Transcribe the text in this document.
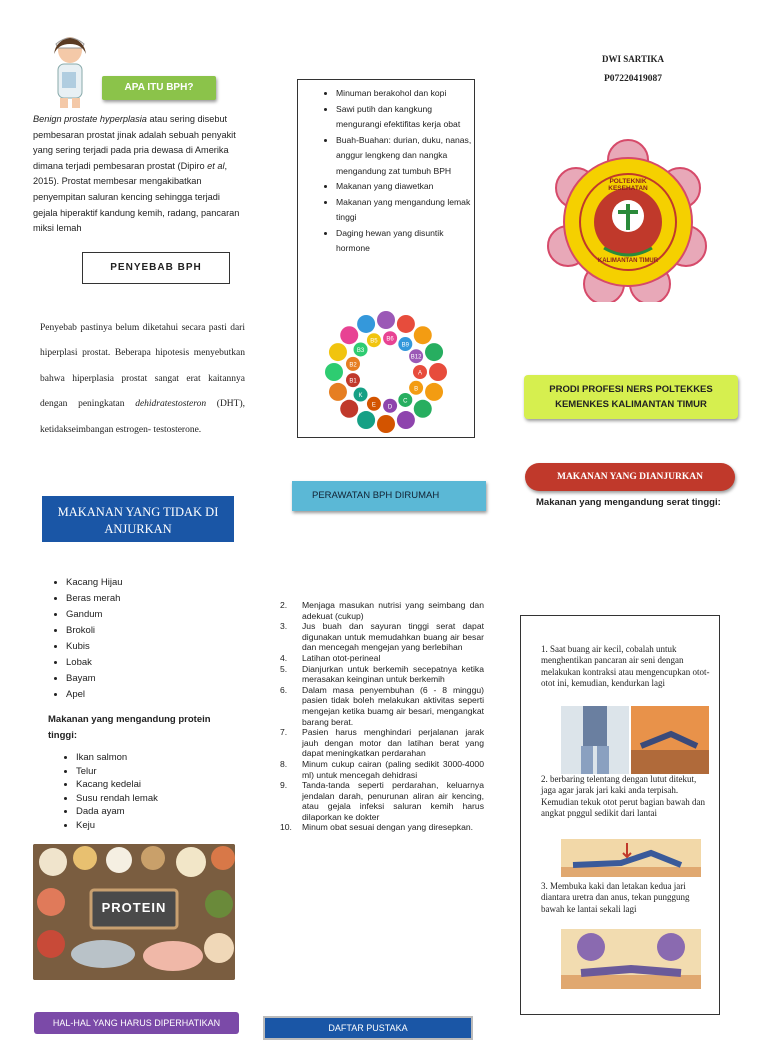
APA ITU BPH?
Benign prostate hyperplasia atau sering disebut pembesaran prostat jinak adalah sebuah penyakit yang sering terjadi pada pria dewasa di Amerika dimana terjadi pembesaran prostat (Dipiro et al, 2015). Prostat membesar mengakibatkan penyempitan saluran kencing sehingga terjadi gejala hiperaktif kandung kemih, radang, pancaran miksi lemah
PENYEBAB BPH
Penyebab pastinya belum diketahui secara pasti dari hiperplasi prostat. Beberapa hipotesis menyebutkan bahwa hiperplasia prostat sangat erat kaitannya dengan peningkatan dehidratestosteron (DHT), ketidakseimbangan estrogen- testosterone.
MAKANAN YANG TIDAK DI ANJURKAN
• Kacang Hijau
• Beras merah
• Gandum
• Brokoli
• Kubis
• Lobak
• Bayam
• Apel
Makanan yang mengandung protein tinggi:
• Ikan salmon
• Telur
• Kacang kedelai
• Susu rendah lemak
• Dada ayam
• Keju
PROTEIN
HAL-HAL YANG HARUS DIPERHATIKAN
• Minuman berakohol dan kopi
• Sawi putih dan kangkung mengurangi efektifitas kerja obat
• Buah-Buahan: durian, duku, nanas, anggur lengkeng dan nangka mengandung zat tumbuh BPH
• Makanan yang diawetkan
• Makanan yang mengandung lemak tinggi
• Daging hewan yang disuntik hormone
A
B
C
D
E
K
B1
B2
B3
B5 B6
B9
B12
PERAWATAN BPH DIRUMAH
2.	Menjaga masukan nutrisi yang seimbang dan adekuat (cukup)
3.	Jus buah dan sayuran tinggi serat dapat digunakan untuk memudahkan buang air besar dan mencegah mengejan yang berlebihan
4.	Latihan otot-perineal
5.	Dianjurkan untuk berkemih secepatnya ketika merasakan keinginan untuk berkemih
6.	Dalam masa penyembuhan (6 - 8 minggu) pasien tidak boleh melakukan aktivitas seperti mengejan ketika buamg air besari, mengangkat barang berat.
7.	Pasien harus menghindari perjalanan jarak jauh dengan motor dan latihan berat yang dapat meningkatkan perdarahan
8.	Minum cukup cairan (paling sedikit 3000-4000 ml) untuk mencegah dehidrasi
9.	Tanda-tanda seperti perdarahan, keluarnya jendalan darah, penurunan aliran air kencing, atau gejala infeksi saluran kemih harus dilaporkan ke dokter
10.	Minum obat sesuai dengan yang diresepkan.
DAFTAR PUSTAKA
DWI SARTIKA
P07220419087
POLTEKNIK KESEHATAN
KALIMANTAN TIMUR
PRODI PROFESI NERS POLTEKKES KEMENKES KALIMANTAN TIMUR
MAKANAN YANG DIANJURKAN
Makanan yang mengandung serat tinggi:
1. Saat buang air kecil, cobalah untuk menghentikan pancaran air seni dengan melakukan kontraksi atau mengencupkan otot-otot ini, kemudian, kendurkan lagi
2. berbaring telentang dengan lutut ditekut, jaga agar jarak jari kaki anda terpisah. Kemudian tekuk otot perut bagian bawah dan angkat pnggul sedikit dari lantai
3. Membuka kaki dan letakan kedua jari diantara uretra dan anus, tekan punggung bawah ke lantai sekali lagi
